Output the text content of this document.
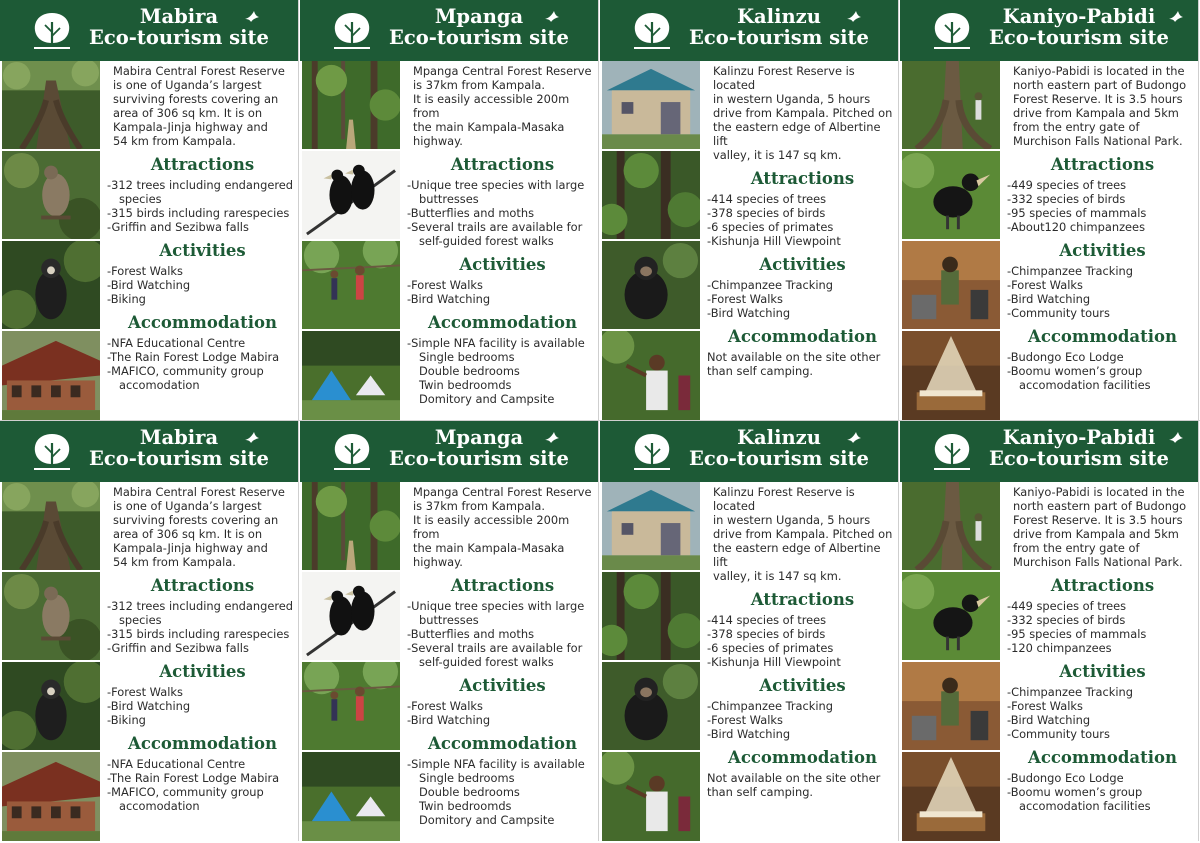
Mabira
Eco-tourism site
Mabira Central Forest Reserve
is one of Uganda’s largest
surviving forests covering an
area of 306 sq km. It is on
Kampala-Jinja highway and
54 km from Kampala.
Attractions
-312 trees including endangered
species
-315 birds including rarespecies
-Griffin and Sezibwa falls
Activities
-Forest Walks
-Bird Watching
-Biking
Accommodation
-NFA Educational Centre
-The Rain Forest Lodge Mabira
-MAFICO, community group
accomodation
Mpanga
Eco-tourism site
Mpanga Central Forest Reserve
is 37km from Kampala.
It is easily accessible 200m from
the main Kampala-Masaka
highway.
Attractions
-Unique tree species with large
buttresses
-Butterflies and moths
-Several trails are available for
self-guided forest walks
Activities
-Forest Walks
-Bird Watching
Accommodation
-Simple NFA facility is available
Single bedrooms
Double bedrooms
Twin bedroomds
Domitory and Campsite
Kalinzu
Eco-tourism site
Kalinzu Forest Reserve is located
in western Uganda, 5 hours
drive from Kampala. Pitched on
the eastern edge of Albertine lift
valley, it is 147 sq km.
Attractions
-414 species of trees
-378 species of birds
-6 species of primates
-Kishunja Hill Viewpoint
Activities
-Chimpanzee Tracking
-Forest Walks
-Bird Watching
Accommodation
Not available on the site other
than self camping.
Kaniyo-Pabidi
Eco-tourism site
Kaniyo-Pabidi is located in the
north eastern part of Budongo
Forest Reserve. It is 3.5 hours
drive from Kampala and 5km
from the entry gate of
Murchison Falls National Park.
Attractions
-449 species of trees
-332 species of birds
-95 species of mammals
-About120 chimpanzees
Activities
-Chimpanzee Tracking
-Forest Walks
-Bird Watching
-Community tours
Accommodation
-Budongo Eco Lodge
-Boomu women’s group
accomodation facilities
Mabira
Eco-tourism site
Mabira Central Forest Reserve
is one of Uganda’s largest
surviving forests covering an
area of 306 sq km. It is on
Kampala-Jinja highway and
54 km from Kampala.
Attractions
-312 trees including endangered
species
-315 birds including rarespecies
-Griffin and Sezibwa falls
Activities
-Forest Walks
-Bird Watching
-Biking
Accommodation
-NFA Educational Centre
-The Rain Forest Lodge Mabira
-MAFICO, community group
accomodation
Mpanga
Eco-tourism site
Mpanga Central Forest Reserve
is 37km from Kampala.
It is easily accessible 200m from
the main Kampala-Masaka
highway.
Attractions
-Unique tree species with large
buttresses
-Butterflies and moths
-Several trails are available for
self-guided forest walks
Activities
-Forest Walks
-Bird Watching
Accommodation
-Simple NFA facility is available
Single bedrooms
Double bedrooms
Twin bedroomds
Domitory and Campsite
Kalinzu
Eco-tourism site
Kalinzu Forest Reserve is located
in western Uganda, 5 hours
drive from Kampala. Pitched on
the eastern edge of Albertine lift
valley, it is 147 sq km.
Attractions
-414 species of trees
-378 species of birds
-6 species of primates
-Kishunja Hill Viewpoint
Activities
-Chimpanzee Tracking
-Forest Walks
-Bird Watching
Accommodation
Not available on the site other
than self camping.
Kaniyo-Pabidi
Eco-tourism site
Kaniyo-Pabidi is located in the
north eastern part of Budongo
Forest Reserve. It is 3.5 hours
drive from Kampala and 5km
from the entry gate of
Murchison Falls National Park.
Attractions
-449 species of trees
-332 species of birds
-95 species of mammals
-120 chimpanzees
Activities
-Chimpanzee Tracking
-Forest Walks
-Bird Watching
-Community tours
Accommodation
-Budongo Eco Lodge
-Boomu women’s group
accomodation facilities
